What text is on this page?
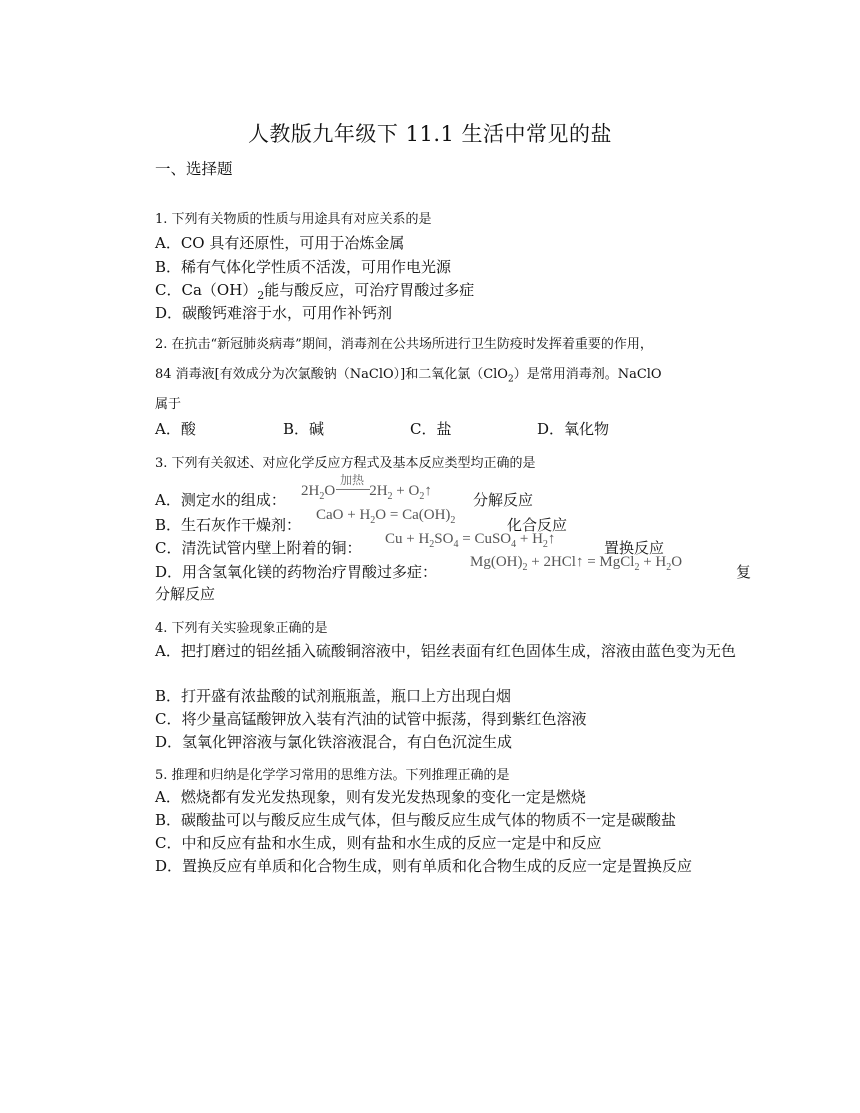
人教版九年级下 11.1 生活中常见的盐
一、选择题
1. 下列有关物质的性质与用途具有对应关系的是
A．CO 具有还原性，可用于冶炼金属
B．稀有气体化学性质不活泼，可用作电光源
C．$Ca(OH)_2$能与酸反应，可治疗胃酸过多症
D．碳酸钙难溶于水，可用作补钙剂
2. 在抗击“新冠肺炎病毒”期间，消毒剂在公共场所进行卫生防疫时发挥着重要的作用，
84 消毒液[有效成分为次氯酸钠（NaClO）]和二氧化氯（ClO$_2$）是常用消毒剂。NaClO
属于
A．酸	B．碱	C．盐	D．氧化物
3. 下列有关叙述、对应化学反应方程式及基本反应类型均正确的是
A．测定水的组成：
加热
$2H_2O$ $2H_2$ + $O_2↑$	分解反应
B．生石灰作干燥剂：
CaO + $H_2O = Ca(OH)_2$	化合反应
C．清洗试管内壁上附着的铜： $Cu + H_2SO_4$ = CuSO$_4$ + $H_2↑$	置换反应
D．用含氢氧化镁的药物治疗胃酸过多症：
$Mg(OH)_2$ + 2HCl↑ = MgCl$_2$ + $H_2O$
复
分解反应
4. 下列有关实验现象正确的是
A．把打磨过的铝丝插入硫酸铜溶液中，铝丝表面有红色固体生成，溶液由蓝色变为无色
B．打开盛有浓盐酸的试剂瓶瓶盖，瓶口上方出现白烟
C．将少量高锰酸钾放入装有汽油的试管中振荡，得到紫红色溶液
D．氢氧化钾溶液与氯化铁溶液混合，有白色沉淀生成
5. 推理和归纳是化学学习常用的思维方法。下列推理正确的是
A．燃烧都有发光发热现象，则有发光发热现象的变化一定是燃烧
B．碳酸盐可以与酸反应生成气体，但与酸反应生成气体的物质不一定是碳酸盐
C．中和反应有盐和水生成，则有盐和水生成的反应一定是中和反应
D．置换反应有单质和化合物生成，则有单质和化合物生成的反应一定是置换反应
